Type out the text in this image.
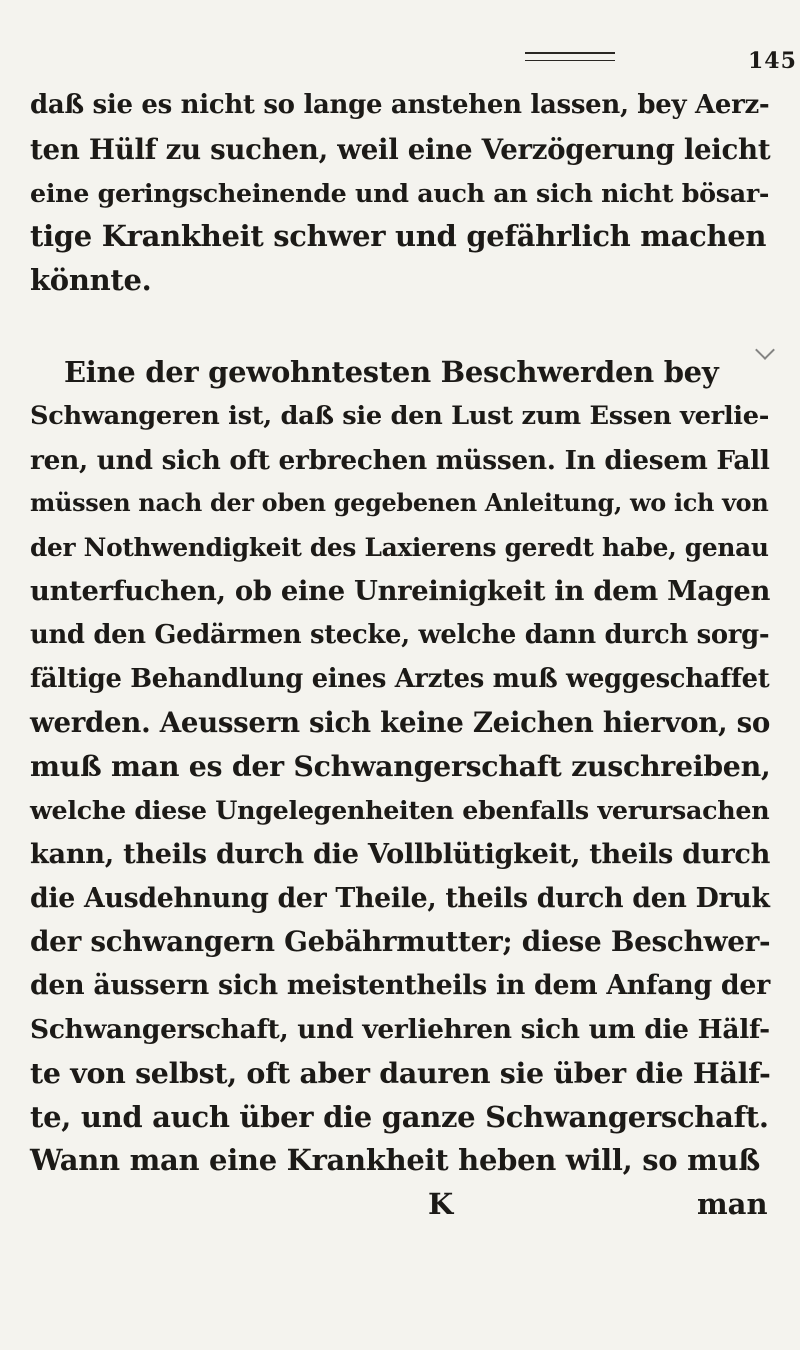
145
daß sie es nicht so lange anstehen lassen, bey Aerz-
ten Hülf zu suchen, weil eine Verzögerung leicht
eine geringscheinende und auch an sich nicht bösar-
tige Krankheit schwer und gefährlich machen
könnte.
Eine der gewohntesten Beschwerden bey
Schwangeren ist, daß sie den Lust zum Essen verlie-
ren, und sich oft erbrechen müssen. In diesem Fall
müssen nach der oben gegebenen Anleitung, wo ich von
der Nothwendigkeit des Laxierens geredt habe, genau
unterfuchen, ob eine Unreinigkeit in dem Magen
und den Gedärmen stecke, welche dann durch sorg-
fältige Behandlung eines Arztes muß weggeschaffet
werden. Aeussern sich keine Zeichen hiervon, so
muß man es der Schwangerschaft zuschreiben,
welche diese Ungelegenheiten ebenfalls verursachen
kann, theils durch die Vollblütigkeit, theils durch
die Ausdehnung der Theile, theils durch den Druk
der schwangern Gebährmutter; diese Beschwer-
den äussern sich meistentheils in dem Anfang der
Schwangerschaft, und verliehren sich um die Hälf-
te von selbst, oft aber dauren sie über die Hälf-
te, und auch über die ganze Schwangerschaft.
Wann man eine Krankheit heben will, so muß
K	man
